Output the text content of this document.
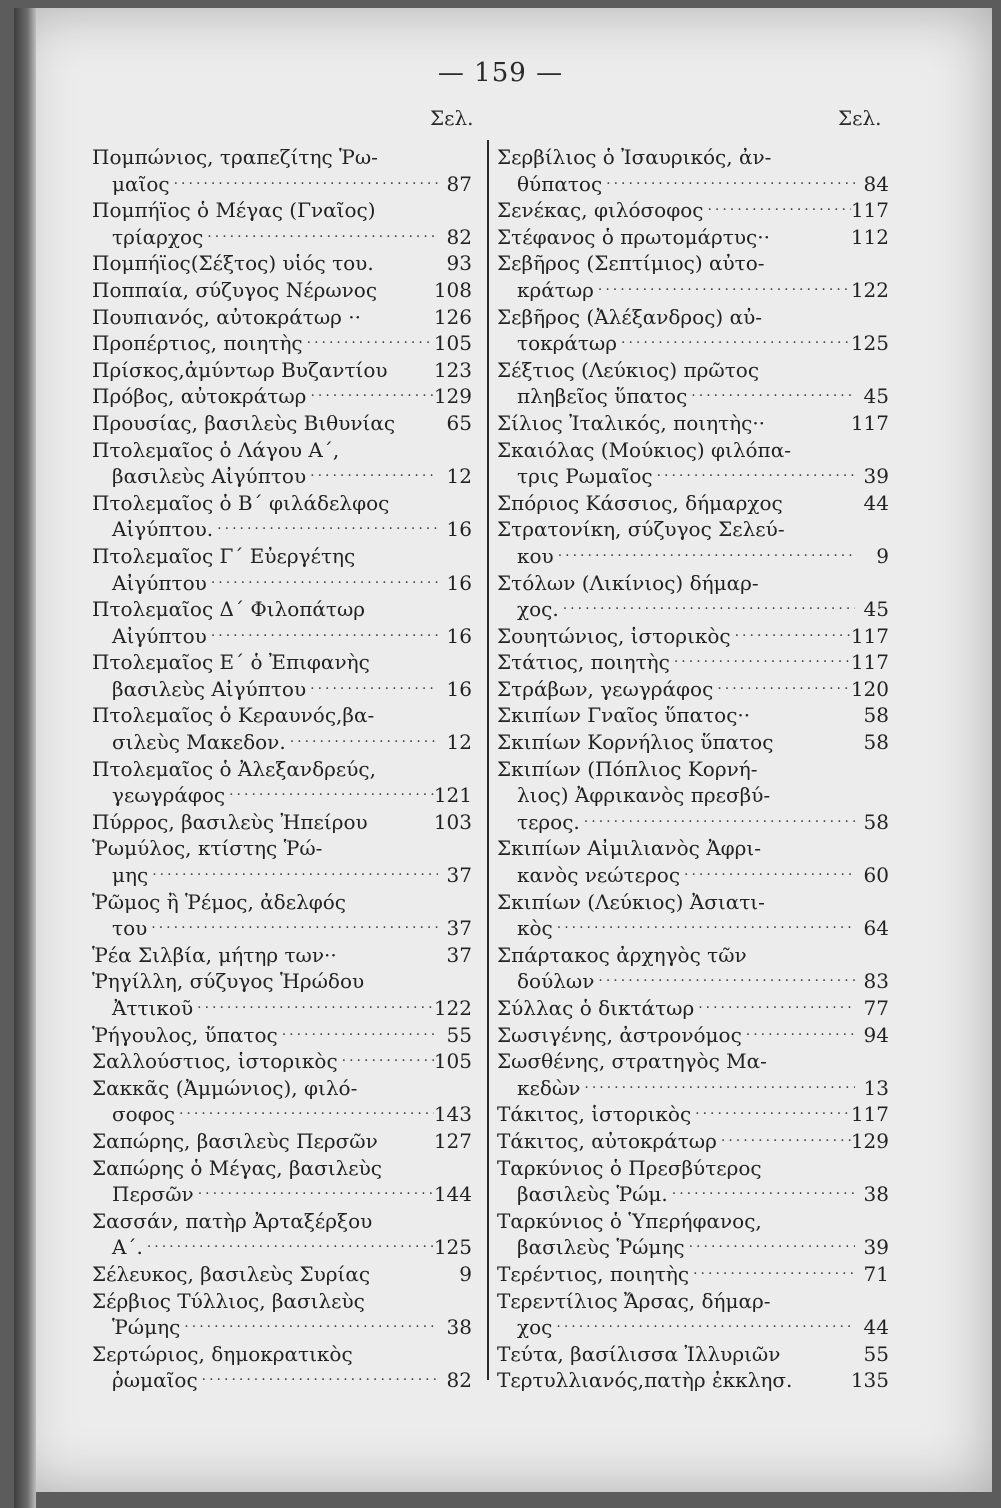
— 159 —
Σελ.	Σελ.
Πομπώνιος, τραπεζίτης Ῥω-
μαῖος ·····	87
Πομπήϊος ὁ Μέγας (Γναῖος)
τρίαρχος ·····	82
Πομπήϊος(Σέξτος) υἱός του.	93
Ποππαία, σύζυγος Νέρωνος	108
Πουπιανός, αὐτοκράτωρ ··	126
Προπέρτιος, ποιητὴς ·····	105
Πρίσκος,ἀμύντωρ Βυζαντίου 123
Πρόβος, αὐτοκράτωρ ·····	129
Προυσίας, βασιλεὺς Βιθυνίας	65
Πτολεμαῖος ὁ Λάγου Α΄,
βασιλεὺς Αἰγύπτου ·····	12
Πτολεμαῖος ὁ Β΄ φιλάδελφος
Αἰγύπτου. ·····	16
Πτολεμαῖος Γ΄ Εὐεργέτης
Αἰγύπτου ·····	16
Πτολεμαῖος Δ΄ Φιλοπάτωρ
Αἰγύπτου ·····	16
Πτολεμαῖος Ε΄ ὁ Ἐπιφανὴς
βασιλεὺς Αἰγύπτου ·····	16
Πτολεμαῖος ὁ Κεραυνός,βα-
σιλεὺς Μακεδον. ·····	12
Πτολεμαῖος ὁ Ἀλεξανδρεύς,
γεωγράφος ·····	121
Πύρρος, βασιλεὺς Ἠπείρου	103
Ῥωμύλος, κτίστης Ῥώ-
μης ·····	37
Ῥῶμος ἢ Ῥέμος, ἀδελφός
του ·····	37
Ῥέα Σιλβία, μήτηρ των··	37
Ῥηγίλλη, σύζυγος Ἡρώδου
Ἀττικοῦ ·····	122
Ῥήγουλος, ὕπατος ·····	55
Σαλλούστιος, ἱστορικὸς ·····	105
Σακκᾶς (Ἀμμώνιος), φιλό-
σοφος ·····	143
Σαπώρης, βασιλεὺς Περσῶν	127
Σαπώρης ὁ Μέγας, βασιλεὺς
Περσῶν ·····	144
Σασσάν, πατὴρ Ἀρταξέρξου
Α΄. ·····	125
Σέλευκος, βασιλεὺς Συρίας	9
Σέρβιος Τύλλιος, βασιλεὺς
Ῥώμης ·····	38
Σερτώριος, δημοκρατικὸς
ῥωμαῖος ·····	82
Σερβίλιος ὁ Ἰσαυρικός, ἀν-
θύπατος ·····	84
Σενέκας, φιλόσοφος ·····	117
Στέφανος ὁ πρωτομάρτυς··	112
Σεβῆρος (Σεπτίμιος) αὐτο-
κράτωρ ·····	122
Σεβῆρος (Ἀλέξανδρος) αὐ-
τοκράτωρ ·····	125
Σέξτιος (Λεύκιος) πρῶτος
πληβεῖος ὕπατος ·····	45
Σίλιος Ἰταλικός, ποιητὴς··	117
Σκαιόλας (Μούκιος) φιλόπα-
τρις Ρωμαῖος ·····	39
Σπόριος Κάσσιος, δήμαρχος	44
Στρατονίκη, σύζυγος Σελεύ-
κου ·····	9
Στόλων (Λικίνιος) δήμαρ-
χος. ·····	45
Σουητώνιος, ἱστορικὸς ·····	117
Στάτιος, ποιητὴς ·····	117
Στράβων, γεωγράφος ·····	120
Σκιπίων Γναῖος ὕπατος··	58
Σκιπίων Κορνήλιος ὕπατος	58
Σκιπίων (Πόπλιος Κορνή-
λιος) Ἀφρικανὸς πρεσβύ-
τερος. ·····	58
Σκιπίων Αἰμιλιανὸς Ἀφρι-
κανὸς νεώτερος ·····	60
Σκιπίων (Λεύκιος) Ἀσιατι-
κὸς ·····	64
Σπάρτακος ἀρχηγὸς τῶν
δούλων ·····	83
Σύλλας ὁ δικτάτωρ ·····	77
Σωσιγένης, ἀστρονόμος ·····	94
Σωσθένης, στρατηγὸς Μα-
κεδὼν ·····	13
Τάκιτος, ἱστορικὸς ·····	117
Τάκιτος, αὐτοκράτωρ ·····	129
Ταρκύνιος ὁ Πρεσβύτερος
βασιλεὺς Ῥώμ. ·····	38
Ταρκύνιος ὁ Ὑπερήφανος,
βασιλεὺς Ῥώμης ·····	39
Τερέντιος, ποιητὴς ·····	71
Τερεντίλιος Ἄρσας, δήμαρ-
χος ·····	44
Τεύτα, βασίλισσα Ἰλλυριῶν	55
Τερτυλλιανός,πατὴρ ἐκκλησ.	135
